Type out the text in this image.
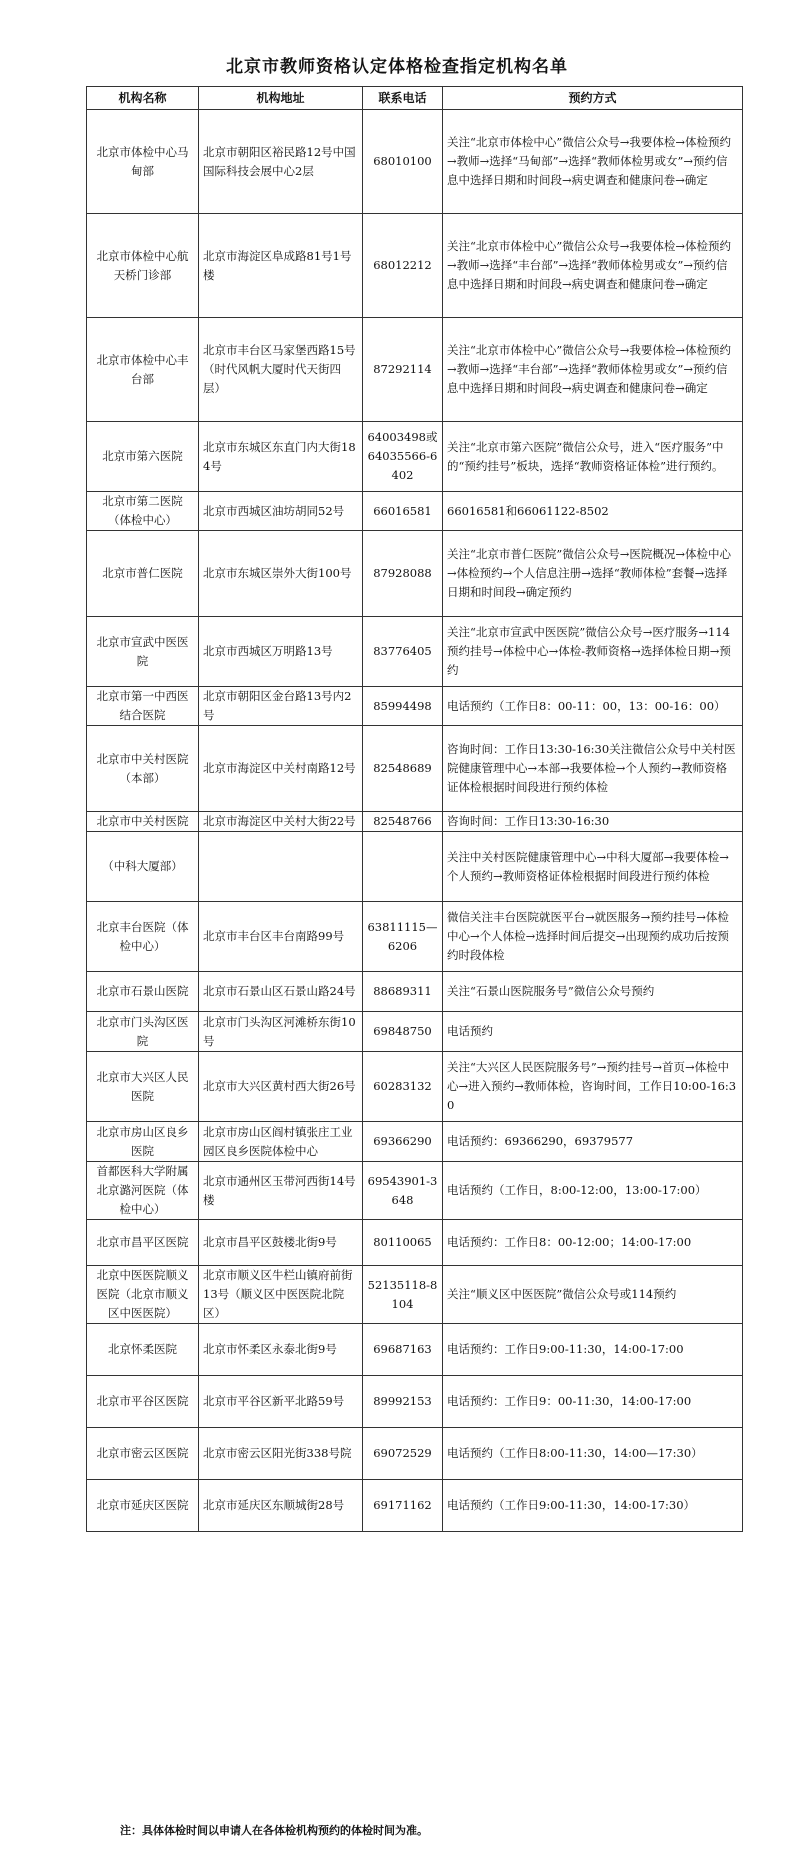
北京市教师资格认定体格检查指定机构名单
机构名称	机构地址	联系电话	预约方式
北京市体检中心马甸部	北京市朝阳区裕民路12号中国国际科技会展中心2层	68010100	关注“北京市体检中心”微信公众号→我要体检→体检预约→教师→选择“马甸部”→选择“教师体检男或女”→预约信息中选择日期和时间段→病史调查和健康问卷→确定
北京市体检中心航天桥门诊部	北京市海淀区阜成路81号1号楼	68012212	关注“北京市体检中心”微信公众号→我要体检→体检预约→教师→选择“丰台部”→选择“教师体检男或女”→预约信息中选择日期和时间段→病史调查和健康问卷→确定
北京市体检中心丰台部	北京市丰台区马家堡西路15号（时代风帆大厦时代天街四层）	87292114	关注“北京市体检中心”微信公众号→我要体检→体检预约→教师→选择“丰台部”→选择“教师体检男或女”→预约信息中选择日期和时间段→病史调查和健康问卷→确定
北京市第六医院	北京市东城区东直门内大街184号	64003498或64035566-6402	关注“北京市第六医院”微信公众号，进入“医疗服务”中的“预约挂号”板块，选择“教师资格证体检”进行预约。
北京市第二医院（体检中心）	北京市西城区油坊胡同52号	66016581	66016581和66061122-8502
北京市普仁医院	北京市东城区崇外大街100号	87928088	关注“北京市普仁医院”微信公众号→医院概况→体检中心→体检预约→个人信息注册→选择“教师体检”套餐→选择日期和时间段→确定预约
北京市宣武中医医院	北京市西城区万明路13号	83776405	关注“北京市宣武中医医院”微信公众号→医疗服务→114预约挂号→体检中心→体检-教师资格→选择体检日期→预约
北京市第一中西医结合医院	北京市朝阳区金台路13号内2号	85994498	电话预约（工作日8：00-11：00，13：00-16：00）
北京市中关村医院（本部）	北京市海淀区中关村南路12号	82548689	咨询时间：工作日13:30-16:30关注微信公众号中关村医院健康管理中心→本部→我要体检→个人预约→教师资格证体检根据时间段进行预约体检
北京市中关村医院	北京市海淀区中关村大街22号	82548766	咨询时间：工作日13:30-16:30
（中科大厦部）			关注中关村医院健康管理中心→中科大厦部→我要体检→个人预约→教师资格证体检根据时间段进行预约体检
北京丰台医院（体检中心）	北京市丰台区丰台南路99号	63811115—6206	微信关注丰台医院就医平台→就医服务→预约挂号→体检中心→个人体检→选择时间后提交→出现预约成功后按预约时段体检
北京市石景山医院	北京市石景山区石景山路24号	88689311	关注“石景山医院服务号”微信公众号预约
北京市门头沟区医院	北京市门头沟区河滩桥东街10号	69848750	电话预约
北京市大兴区人民医院	北京市大兴区黄村西大街26号	60283132	关注“大兴区人民医院服务号”→预约挂号→首页→体检中心→进入预约→教师体检，咨询时间，工作日10:00-16:30
北京市房山区良乡医院	北京市房山区阎村镇张庄工业园区良乡医院体检中心	69366290	电话预约：69366290，69379577
首都医科大学附属北京潞河医院（体检中心）	北京市通州区玉带河西街14号楼	69543901-3648	电话预约（工作日，8:00-12:00，13:00-17:00）
北京市昌平区医院	北京市昌平区鼓楼北街9号	80110065	电话预约：工作日8：00-12:00；14:00-17:00
北京中医医院顺义医院（北京市顺义区中医医院）	北京市顺义区牛栏山镇府前街13号（顺义区中医医院北院区）	52135118-8104	关注“顺义区中医医院”微信公众号或114预约
北京怀柔医院	北京市怀柔区永泰北街9号	69687163	电话预约：工作日9:00-11:30，14:00-17:00
北京市平谷区医院	北京市平谷区新平北路59号	89992153	电话预约：工作日9：00-11:30，14:00-17:00
北京市密云区医院	北京市密云区阳光街338号院	69072529	电话预约（工作日8:00-11:30，14:00—17:30）
北京市延庆区医院	北京市延庆区东顺城街28号	69171162	电话预约（工作日9:00-11:30，14:00-17:30）
注：具体体检时间以申请人在各体检机构预约的体检时间为准。
